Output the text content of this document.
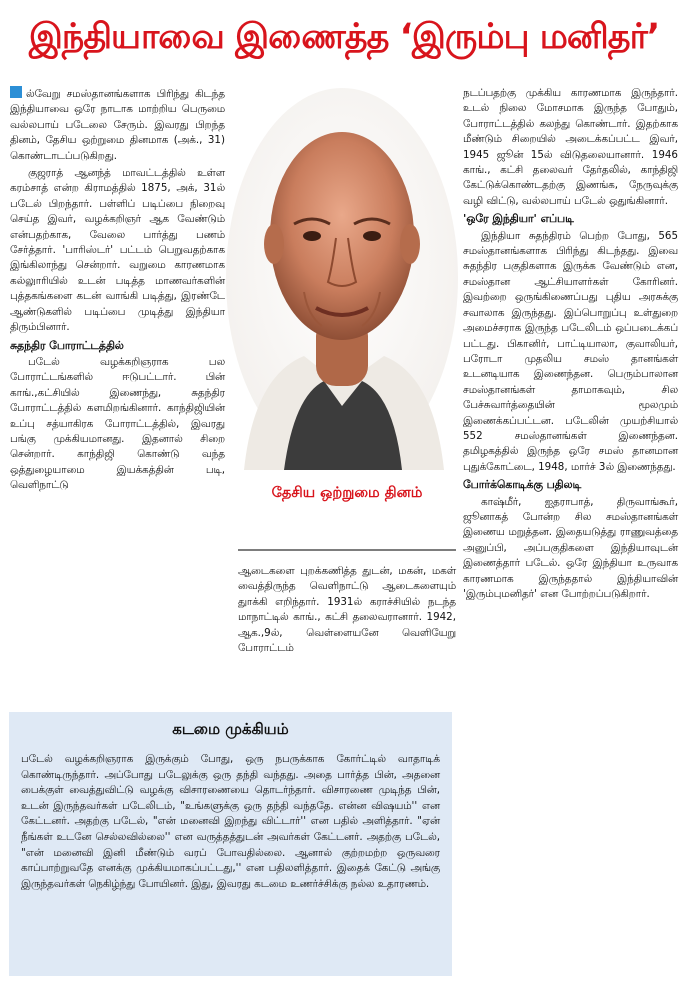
இந்தியாவை இணைத்த ‘இரும்பு மனிதர்’

ல்வேறு சமஸ்தானங்களாக பிரிந்து கிடந்த இந்தியாவை ஒரே நாடாக மாற்றிய பெருமை வல்லபாய் படேலை சேரும். இவரது பிறந்த தினம், தேசிய ஒற்றுமை தினமாக (அக்., 31) கொண்டாடப்படுகிறது.

குஜராத் ஆனந்த் மாவட்டத்தில் உள்ள கரம்சாத் என்ற கிராமத்தில் 1875, அக், 31ல் படேல் பிறந்தார். பள்ளிப் படிப்பை நிறைவு செய்த இவர், வழக்கறிஞர் ஆக வேண்டும் என்பதற்காக, வேலை பார்த்து பணம் சேர்த்தார். 'பாரிஸ்டர்' பட்டம் பெறுவதற்காக இங்கிலாந்து சென்றார். வறுமை காரணமாக கல்லுாரியில் உடன் படித்த மாணவர்களின் புத்தகங்களை கடன் வாங்கி படித்து, இரண்டே ஆண்டுகளில் படிப்பை முடித்து இந்தியா திரும்பினார்.

சுதந்திர போராட்டத்தில்

படேல் வழக்கறிஞராக பல போராட்டங்களில் ஈடுபட்டார். பின் காங்.,கட்சியில் இணைந்து, சுதந்திர போராட்டத்தில் களமிறங்கினார். காந்திஜியின் உப்பு சத்யாகிரக போராட்டத்தில், இவரது பங்கு முக்கியமானது. இதனால் சிறை சென்றார். காந்திஜி கொண்டு வந்த ஒத்துழையாமை இயக்கத்தின் படி, வெளிநாட்டு	தேசிய ஒற்றுமை தினம்

ஆடைகளை புறக்கணித்த துடன், மகன், மகள் வைத்திருந்த வெளிநாட்டு ஆடைகளையும் துாக்கி எறிந்தார். 1931ல் கராச்சியில் நடந்த மாநாட்டில் காங்., கட்சி தலைவரானார். 1942, ஆக.,9ல், வெள்ளையனே வெளியேறு போராட்டம்

நடப்பதற்கு முக்கிய காரணமாக இருந்தார். உடல் நிலை மோசமாக இருந்த போதும், போராட்டத்தில் கலந்து கொண்டார். இதற்காக மீண்டும் சிறையில் அடைக்கப்பட்ட இவர், 1945 ஜூன் 15ல் விடுதலையானார். 1946 காங்., கட்சி தலைவர் தேர்தலில், காந்திஜி கேட்டுக்கொண்டதற்கு இணங்க, நேருவுக்கு வழி விட்டு, வல்லபாய் படேல் ஒதுங்கினார்.

'ஒரே இந்தியா' எப்படி

இந்தியா சுதந்திரம் பெற்ற போது, 565 சமஸ்தானங்களாக பிரிந்து கிடந்தது. இவை சுதந்திர பகுதிகளாக இருக்க வேண்டும் என, சமஸ்தான ஆட்சியாளர்கள் கோரினர். இவற்றை ஒருங்கிணைப்பது புதிய அரசுக்கு சவாலாக இருந்தது. இப்பொறுப்பு உள்துறை அமைச்சராக இருந்த படேலிடம் ஒப்படைக்கப் பட்டது. பிகானிர், பாட்டியாலா, குவாலியர், பரோடா முதலிய சமஸ் தானங்கள் உடனடியாக இணைந்தன. பெரும்பாலான சமஸ்தானங்கள் தாமாகவும், சில பேச்சுவார்த்தையின் மூலமும் இணைக்கப்பட்டன. படேலின் முயற்சியால் 552 சமஸ்தானங்கள் இணைந்தன. தமிழகத்தில் இருந்த ஒரே சமஸ் தானமான புதுக்கோட்டை, 1948, மார்ச் 3ல் இணைந்தது.

போர்க்கொடிக்கு பதிலடி

காஷ்மீர், ஐதராபாத், திருவாங்கூர், ஜூனாகத் போன்ற சில சமஸ்தானங்கள் இணைய மறுத்தன. இதையடுத்து ராணுவத்தை அனுப்பி, அப்பகுதிகளை இந்தியாவுடன் இணைத்தார் படேல். ஒரே இந்தியா உருவாக காரணமாக இருந்ததால் இந்தியாவின் 'இரும்புமனிதர்' என போற்றப்படுகிறார்.

கடமை முக்கியம்
படேல் வழக்கறிஞராக இருக்கும் போது, ஒரு நபருக்காக கோர்ட்டில் வாதாடிக் கொண்டிருந்தார். அப்போது படேலுக்கு ஒரு தந்தி வந்தது. அதை பார்த்த பின், அதனை பைக்குள் வைத்துவிட்டு வழக்கு விசாரணையை தொடர்ந்தார். விசாரணை முடிந்த பின், உடன் இருந்தவர்கள் படேலிடம், "உங்களுக்கு ஒரு தந்தி வந்ததே. என்ன விஷயம்'' என கேட்டனர். அதற்கு படேல், "என் மனைவி இறந்து விட்டார்'' என பதில் அளித்தார். "ஏன் நீங்கள் உடனே செல்லவில்லை'' என வருத்தத்துடன் அவர்கள் கேட்டனர். அதற்கு படேல், "என் மனைவி இனி மீண்டும் வரப் போவதில்லை. ஆனால் குற்றமற்ற ஒருவரை காப்பாற்றுவதே எனக்கு முக்கியமாகப்பட்டது,'' என பதிலளித்தார். இதைக் கேட்டு அங்கு இருந்தவர்கள் நெகிழ்ந்து போயினர். இது, இவரது கடமை உணர்ச்சிக்கு நல்ல உதாரணம்.
